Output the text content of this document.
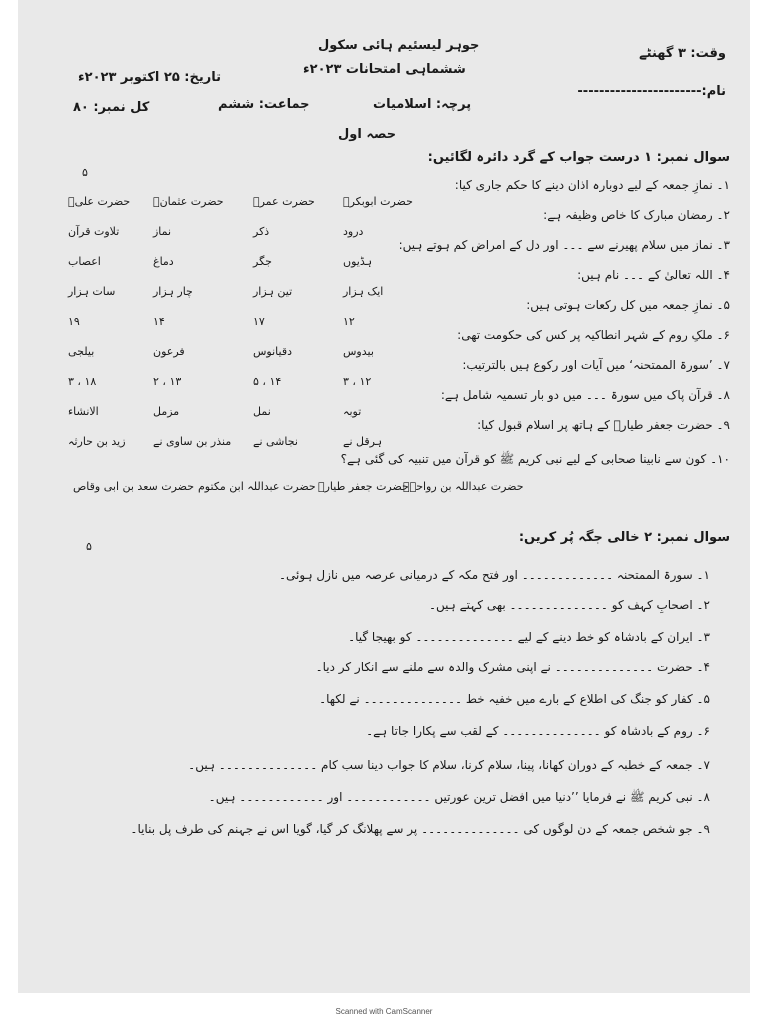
جوہر لیسئیم ہائی سکول
ششماہی امتحانات ۲۰۲۳ء
وقت: ۳ گھنٹے
تاریخ: ۲۵ اکتوبر ۲۰۲۳ء
نام:-----------------------
پرچہ: اسلامیات
جماعت: ششم
کل نمبر: ۸۰
حصہ اول
سوال نمبر: ۱ درست جواب کے گرد دائرہ لگائیں:
۵
۱۔ نمازِ جمعہ کے لیے دوبارہ اذان دینے کا حکم جاری کیا:
حضرت ابوبکرؓ
حضرت عمرؓ
حضرت عثمانؓ
حضرت علیؓ
۲۔ رمضان مبارک کا خاص وظیفہ ہے:
درود
ذکر
نماز
تلاوت قرآن
۳۔ نماز میں سلام پھیرنے سے ۔۔۔ اور دل کے امراض کم ہوتے ہیں:
ہڈیوں
جگر
دماغ
اعصاب
۴۔ اللہ تعالیٰ کے ۔۔۔ نام ہیں:
ایک ہزار
تین ہزار
چار ہزار
سات ہزار
۵۔ نمازِ جمعہ میں کل رکعات ہوتی ہیں:
۱۲
۱۷
۱۴
۱۹
۶۔ ملکِ روم کے شہر انطاکیہ پر کس کی حکومت تھی:
بیدوس
دقیانوس
فرعون
بیلجی
۷۔ ’سورۃ الممتحنہ‘ میں آیات اور رکوع ہیں بالترتیب:
۱۲ ، ۳
۱۴ ، ۵
۱۳ ، ۲
۱۸ ، ۳
۸۔ قرآن پاک میں سورۃ ۔۔۔ میں دو بار تسمیہ شامل ہے:
توبہ
نمل
مزمل
الانشاء
۹۔ حضرت جعفر طیارؓ کے ہاتھ پر اسلام قبول کیا:
ہرقل نے
نجاشی نے
منذر بن ساوی نے
زید بن حارثہ
۱۰۔ کون سے نابینا صحابی کے لیے نبی کریم ﷺ کو قرآن میں تنبیہ کی گئی ہے؟
حضرت عبداللہ بن رواحہؓ
حضرت جعفر طیارؓ
حضرت عبداللہ ابن مکتوم
حضرت سعد بن ابی وقاص
سوال نمبر: ۲ خالی جگہ پُر کریں:
۵
۱۔ سورۃ الممتحنہ ۔۔۔۔۔۔۔۔۔۔۔۔۔ اور فتح مکہ کے درمیانی عرصہ میں نازل ہوئی۔
۲۔ اصحابِ کہف کو ۔۔۔۔۔۔۔۔۔۔۔۔۔۔ بھی کہتے ہیں۔
۳۔ ایران کے بادشاہ کو خط دینے کے لیے ۔۔۔۔۔۔۔۔۔۔۔۔۔۔ کو بھیجا گیا۔
۴۔ حضرت ۔۔۔۔۔۔۔۔۔۔۔۔۔۔ نے اپنی مشرک والدہ سے ملنے سے انکار کر دیا۔
۵۔ کفار کو جنگ کی اطلاع کے بارے میں خفیہ خط ۔۔۔۔۔۔۔۔۔۔۔۔۔۔ نے لکھا۔
۶۔ روم کے بادشاہ کو ۔۔۔۔۔۔۔۔۔۔۔۔۔۔ کے لقب سے پکارا جاتا ہے۔
۷۔ جمعہ کے خطبہ کے دوران کھانا، پینا، سلام کرنا، سلام کا جواب دینا سب کام ۔۔۔۔۔۔۔۔۔۔۔۔۔۔ ہیں۔
۸۔ نبی کریم ﷺ نے فرمایا ’’دنیا میں افضل ترین عورتیں ۔۔۔۔۔۔۔۔۔۔۔۔ اور ۔۔۔۔۔۔۔۔۔۔۔۔ ہیں۔
۹۔ جو شخص جمعہ کے دن لوگوں کی ۔۔۔۔۔۔۔۔۔۔۔۔۔۔ پر سے پھلانگ کر گیا، گویا اس نے جہنم کی طرف پل بنایا۔
Scanned with CamScanner
